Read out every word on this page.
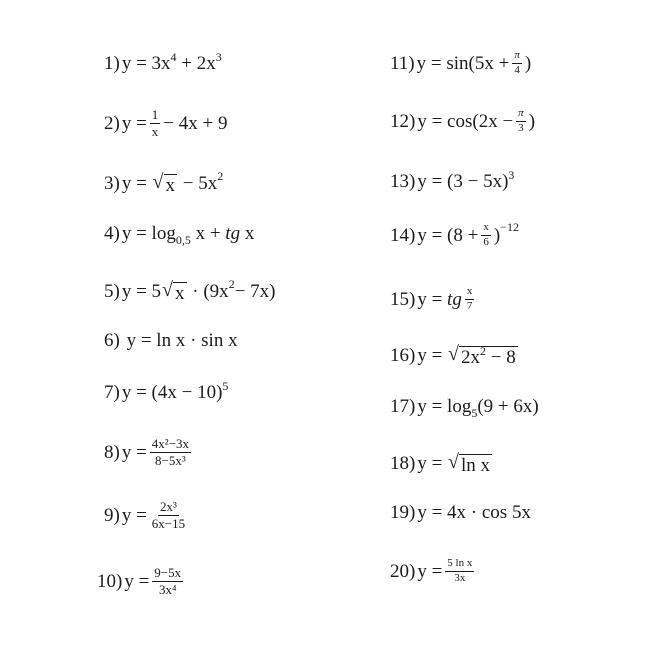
1) $y = 3x^4 + 2x^3$
2) $y = \frac{1}{x} - 4x + 9$
3) y = √ x − 5x 2
4) $y = \log_{0,5} x$ + tg x
5) y = 5 √ x · (9x 2 − 7x)
6) y = ln x · sin x
7) $y = (4x - 10)^5$
8) $y = \frac{\text{4x²−3x}}{\text{8−5x³}}$
9) $y = \frac{\text{2x³}}{6x-15}$
10) $y = \frac{9-5x}{\text{3x⁴}}$
11) $y = \sin(5x + \frac{\pi}{4}$ )
12) $y = \cos(2x - \frac{\pi}{3}$ )
13) $y = (3 - 5x)^3$
14) $y = (8 + \frac{x}{6}$ ) −12
15) y = tg $\frac{x}{7}$
16) y = √ $2x^2 - 8$
17) $y = \log_5(9 + 6x)$
18) y = √ ln x
19) y = 4x · cos 5x
20) $y = \frac{\text{5 ln x}}{3x}$
